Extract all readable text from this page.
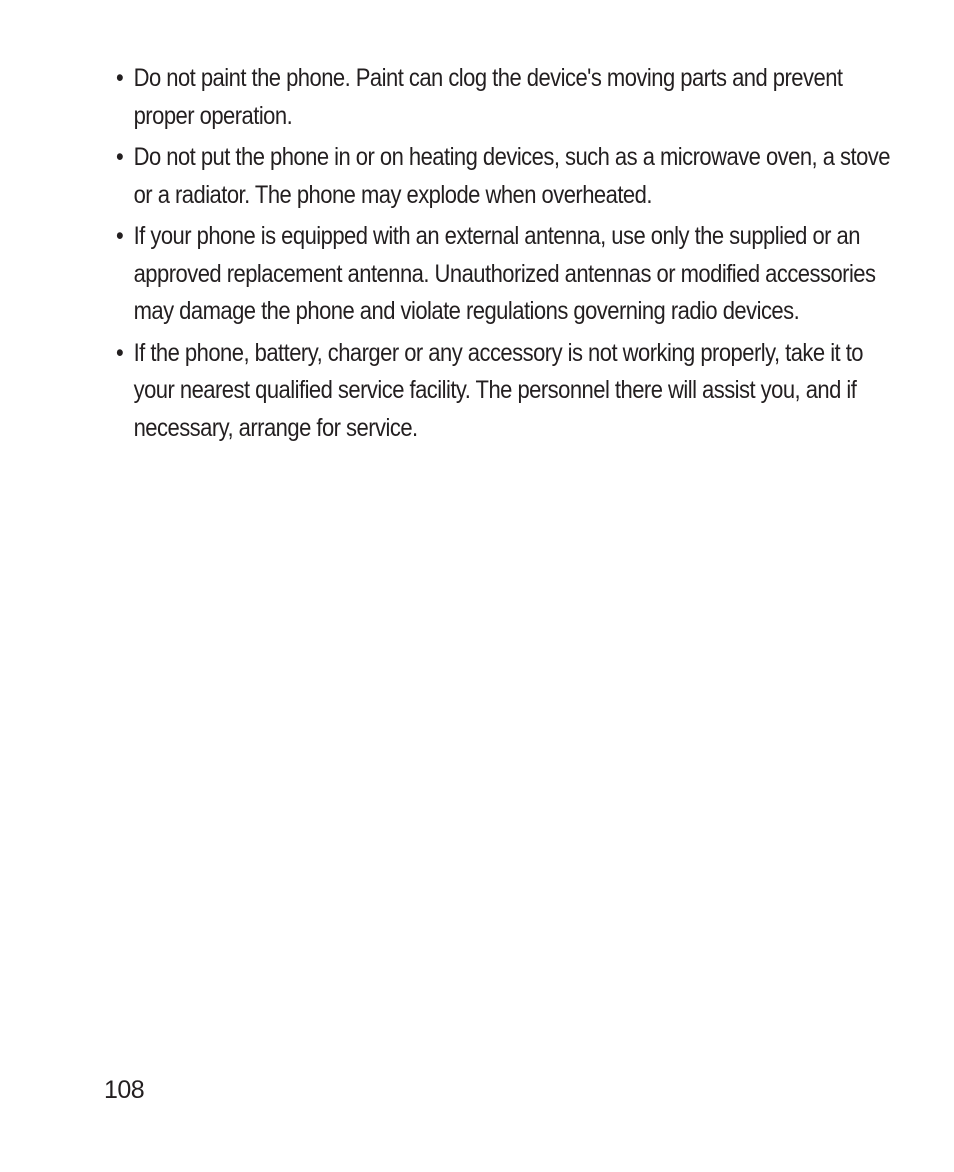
• Do not paint the phone. Paint can clog the device's moving parts and prevent proper operation.
• Do not put the phone in or on heating devices, such as a microwave oven, a stove or a radiator. The phone may explode when overheated.
• If your phone is equipped with an external antenna, use only the supplied or an approved replacement antenna. Unauthorized antennas or modified accessories may damage the phone and violate regulations governing radio devices.
• If the phone, battery, charger or any accessory is not working properly, take it to your nearest qualified service facility. The personnel there will assist you, and if necessary, arrange for service.
108
